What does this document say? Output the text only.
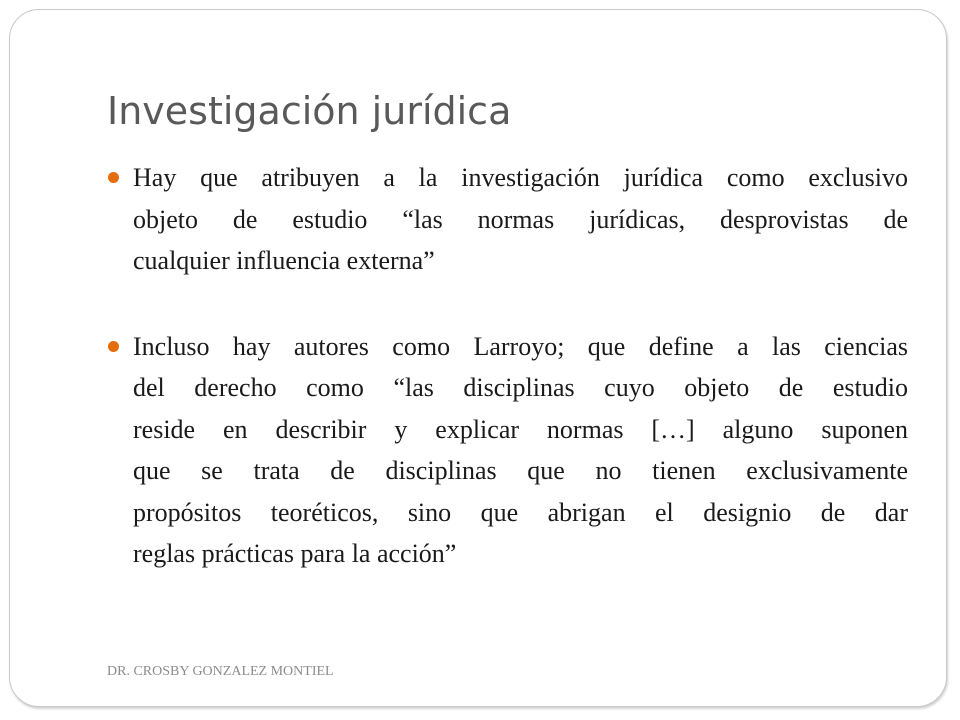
Investigación jurídica
Hay que atribuyen a la investigación jurídica como exclusivo
objeto de estudio “las normas jurídicas, desprovistas de
cualquier influencia externa”
Incluso hay autores como Larroyo; que define a las ciencias
del derecho como “las disciplinas cuyo objeto de estudio
reside en describir y explicar normas […] alguno suponen
que se trata de disciplinas que no tienen exclusivamente
propósitos teoréticos, sino que abrigan el designio de dar
reglas prácticas para la acción”
DR. CROSBY GONZALEZ MONTIEL
